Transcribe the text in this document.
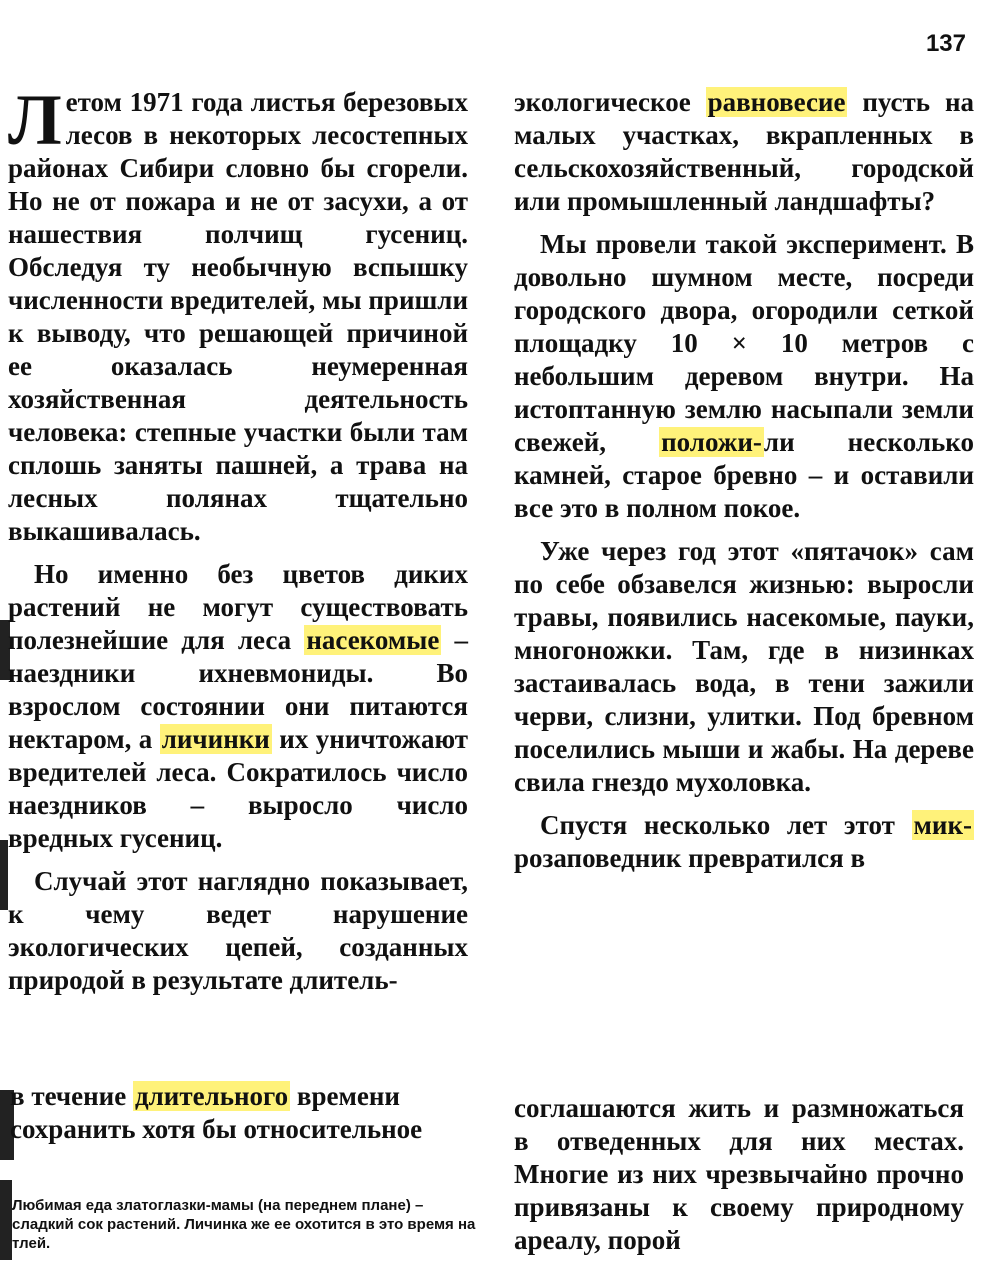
137

Летом 1971 года листья березовых лесов в некоторых лесостепных районах Сибири словно бы сгорели. Но не от пожара и не от засухи, а от нашествия полчищ гусениц. Обследуя ту необычную вспышку численности вредителей, мы пришли к выводу, что решающей причиной ее оказалась неумеренная хозяйственная деятельность человека: степные участки были там сплошь заняты пашней, а трава на лесных полянах тщательно выкашивалась.

Но именно без цветов диких растений не могут существовать полезнейшие для леса насекомые – наездники ихневмониды. Во взрослом состоянии они питаются нектаром, а личинки их уничтожают вредителей леса. Сократилось число наездников – выросло число вредных гусениц.

Случай этот наглядно показывает, к чему ведет нарушение экологических цепей, созданных природой в результате длитель-

экологическое равновесие пусть на малых участках, вкрапленных в сельскохозяйственный, городской или промышленный ландшафты?

Мы провели такой эксперимент. В довольно шумном месте, посреди городского двора, огородили сеткой площадку 10 × 10 метров с небольшим деревом внутри. На истоптанную землю насыпали земли свежей, положи-ли несколько камней, старое бревно – и оставили все это в полном покое.

Уже через год этот «пятачок» сам по себе обзавелся жизнью: выросли травы, появились насекомые, пауки, многоножки. Там, где в низинках застаивалась вода, в тени зажили черви, слизни, улитки. Под бревном поселились мыши и жабы. На дереве свила гнездо мухоловка.

Спустя несколько лет этот мик-розаповедник превратился в

в течение длительного времени
сохранить хотя бы относительное

соглашаются жить и размножаться в отведенных для них местах. Многие из них чрезвычайно прочно привязаны к своему природному ареалу, порой

Любимая еда златоглазки-мамы (на переднем плане) – сладкий сок растений. Личинка же ее охотится в это время на тлей.
